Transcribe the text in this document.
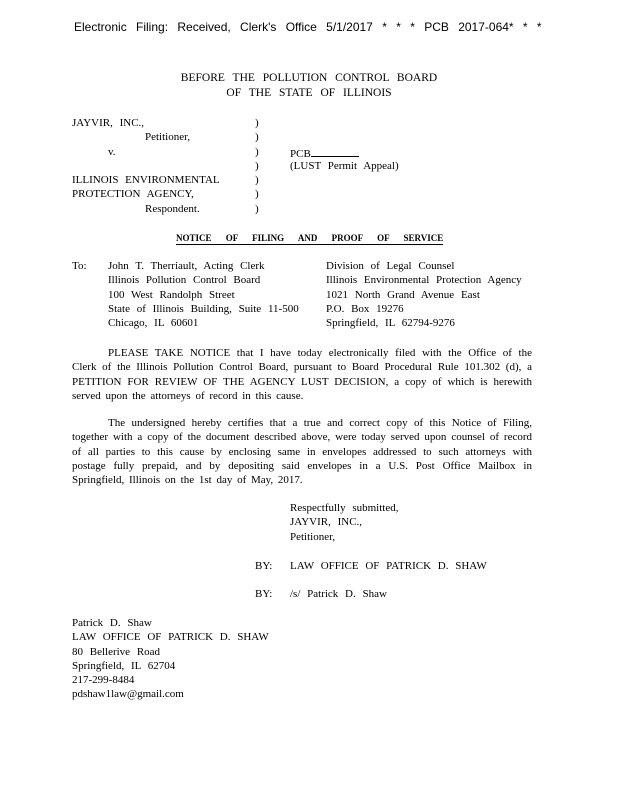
Electronic Filing: Received, Clerk's Office 5/1/2017 * * * PCB 2017-064* * *
BEFORE THE POLLUTION CONTROL BOARD
OF THE STATE OF ILLINOIS
JAYVIR, INC.,
Petitioner,
v.
ILLINOIS ENVIRONMENTAL
PROTECTION AGENCY,
Respondent.
)
)
)
)
)
)
)
PCB
(LUST Permit Appeal)
NOTICE OF FILING AND PROOF OF SERVICE
To: John T. Therriault, Acting Clerk
Illinois Pollution Control Board
100 West Randolph Street
State of Illinois Building, Suite 11-500
Chicago, IL 60601
Division of Legal Counsel
Illinois Environmental Protection Agency
1021 North Grand Avenue East
P.O. Box 19276
Springfield, IL 62794-9276
PLEASE TAKE NOTICE that I have today electronically filed with the Office of the Clerk of the Illinois Pollution Control Board, pursuant to Board Procedural Rule 101.302 (d), a PETITION FOR REVIEW OF THE AGENCY LUST DECISION, a copy of which is herewith served upon the attorneys of record in this cause.
The undersigned hereby certifies that a true and correct copy of this Notice of Filing, together with a copy of the document described above, were today served upon counsel of record of all parties to this cause by enclosing same in envelopes addressed to such attorneys with postage fully prepaid, and by depositing said envelopes in a U.S. Post Office Mailbox in Springfield, Illinois on the 1st day of May, 2017.
Respectfully submitted,
JAYVIR, INC.,
Petitioner,
BY: LAW OFFICE OF PATRICK D. SHAW
BY: /s/ Patrick D. Shaw
Patrick D. Shaw
LAW OFFICE OF PATRICK D. SHAW
80 Bellerive Road
Springfield, IL 62704
217-299-8484
pdshaw1law@gmail.com
